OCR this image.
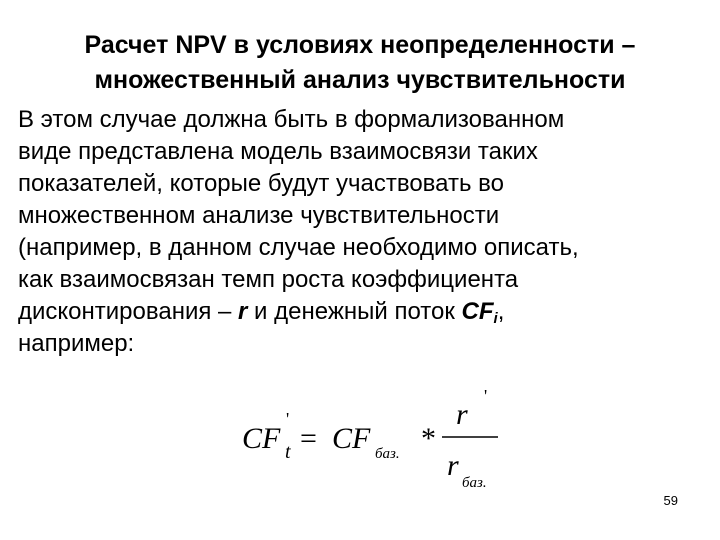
Расчет NPV в условиях неопределенности –
множественный анализ чувствительности
В этом случае должна быть в формализованном
виде представлена модель взаимосвязи таких
показателей, которые будут участвовать во
множественном анализе чувствительности
(например, в данном случае необходимо описать,
как взаимосвязан темп роста коэффициента
дисконтирования – r и денежный поток $CF_i$,
например:
CF
'
t = CF баз. *
r
'
r
баз.
59
